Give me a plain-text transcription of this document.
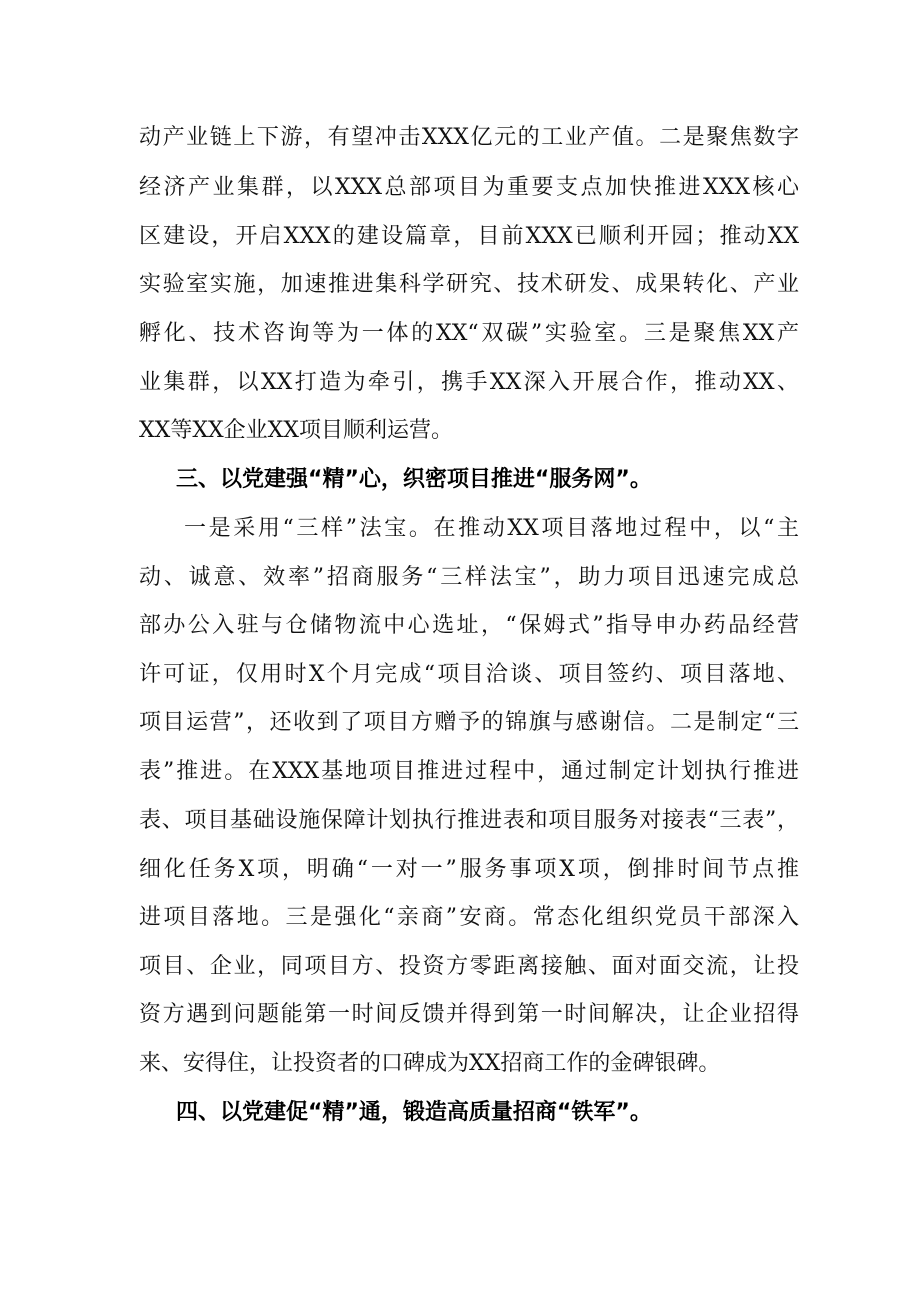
动产业链上下游，有望冲击XXX亿元的工业产值。二是聚焦数字
经济产业集群，以XXX总部项目为重要支点加快推进XXX核心
区建设，开启XXX的建设篇章，目前XXX已顺利开园；推动XX
实验室实施，加速推进集科学研究、技术研发、成果转化、产业
孵化、技术咨询等为一体的XX“双碳”实验室。三是聚焦XX产
业集群，以XX打造为牵引，携手XX深入开展合作，推动XX、
XX等XX企业XX项目顺利运营。
三、以党建强“精”心，织密项目推进“服务网”。
一是采用“三样”法宝。在推动XX项目落地过程中，以“主
动、诚意、效率”招商服务“三样法宝”，助力项目迅速完成总
部办公入驻与仓储物流中心选址，“保姆式”指导申办药品经营
许可证，仅用时X个月完成“项目洽谈、项目签约、项目落地、
项目运营”，还收到了项目方赠予的锦旗与感谢信。二是制定“三
表”推进。在XXX基地项目推进过程中，通过制定计划执行推进
表、项目基础设施保障计划执行推进表和项目服务对接表“三表”，
细化任务X项，明确“一对一”服务事项X项，倒排时间节点推
进项目落地。三是强化“亲商”安商。常态化组织党员干部深入
项目、企业，同项目方、投资方零距离接触、面对面交流，让投
资方遇到问题能第一时间反馈并得到第一时间解决，让企业招得
来、安得住，让投资者的口碑成为XX招商工作的金碑银碑。
四、以党建促“精”通，锻造高质量招商“铁军”。
